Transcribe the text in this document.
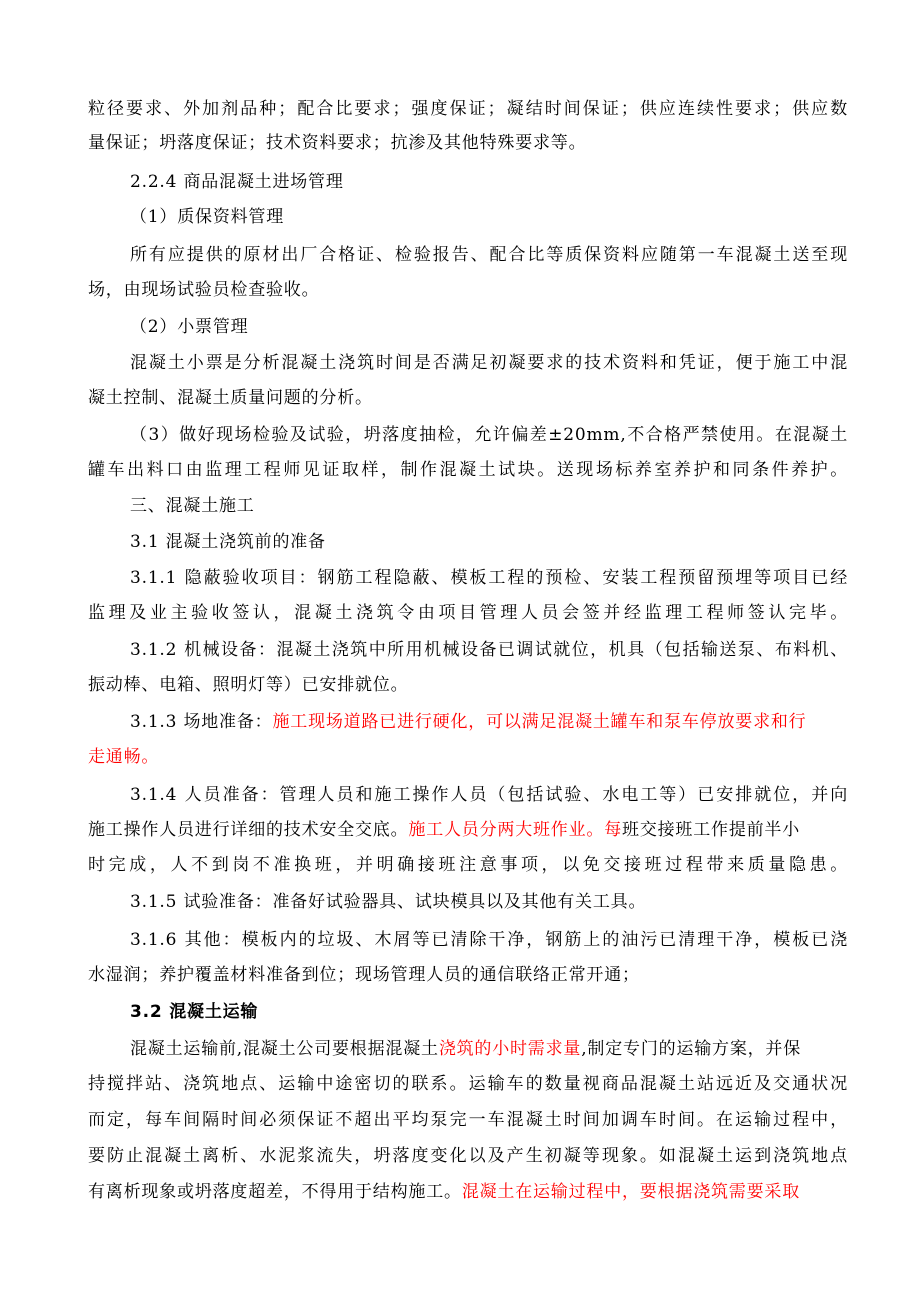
粒径要求、外加剂品种；配合比要求；强度保证；凝结时间保证；供应连续性要求；供应数
量保证；坍落度保证；技术资料要求；抗渗及其他特殊要求等。
2.2.4 商品混凝土进场管理
（1）质保资料管理
所有应提供的原材出厂合格证、检验报告、配合比等质保资料应随第一车混凝土送至现
场，由现场试验员检查验收。
（2）小票管理
混凝土小票是分析混凝土浇筑时间是否满足初凝要求的技术资料和凭证，便于施工中混
凝土控制、混凝土质量问题的分析。
（3）做好现场检验及试验，坍落度抽检，允许偏差±20mm,不合格严禁使用。在混凝土
罐车出料口由监理工程师见证取样，制作混凝土试块。送现场标养室养护和同条件养护。
三、混凝土施工
3.1 混凝土浇筑前的准备
3.1.1 隐蔽验收项目：钢筋工程隐蔽、模板工程的预检、安装工程预留预埋等项目已经
监理及业主验收签认，混凝土浇筑令由项目管理人员会签并经监理工程师签认完毕。
3.1.2 机械设备：混凝土浇筑中所用机械设备已调试就位，机具（包括输送泵、布料机、
振动棒、电箱、照明灯等）已安排就位。
3.1.3 场地准备：施工现场道路已进行硬化，可以满足混凝土罐车和泵车停放要求和行
走通畅。
3.1.4 人员准备：管理人员和施工操作人员（包括试验、水电工等）已安排就位，并向
施工操作人员进行详细的技术安全交底。施工人员分两大班作业。每班交接班工作提前半小
时完成，人不到岗不准换班，并明确接班注意事项，以免交接班过程带来质量隐患。
3.1.5 试验准备：准备好试验器具、试块模具以及其他有关工具。
3.1.6 其他：模板内的垃圾、木屑等已清除干净，钢筋上的油污已清理干净，模板已浇
水湿润；养护覆盖材料准备到位；现场管理人员的通信联络正常开通；
3.2 混凝土运输
混凝土运输前,混凝土公司要根据混凝土浇筑的小时需求量,制定专门的运输方案，并保
持搅拌站、浇筑地点、运输中途密切的联系。运输车的数量视商品混凝土站远近及交通状况
而定，每车间隔时间必须保证不超出平均泵完一车混凝土时间加调车时间。在运输过程中，
要防止混凝土离析、水泥浆流失，坍落度变化以及产生初凝等现象。如混凝土运到浇筑地点
有离析现象或坍落度超差，不得用于结构施工。混凝土在运输过程中，要根据浇筑需要采取
